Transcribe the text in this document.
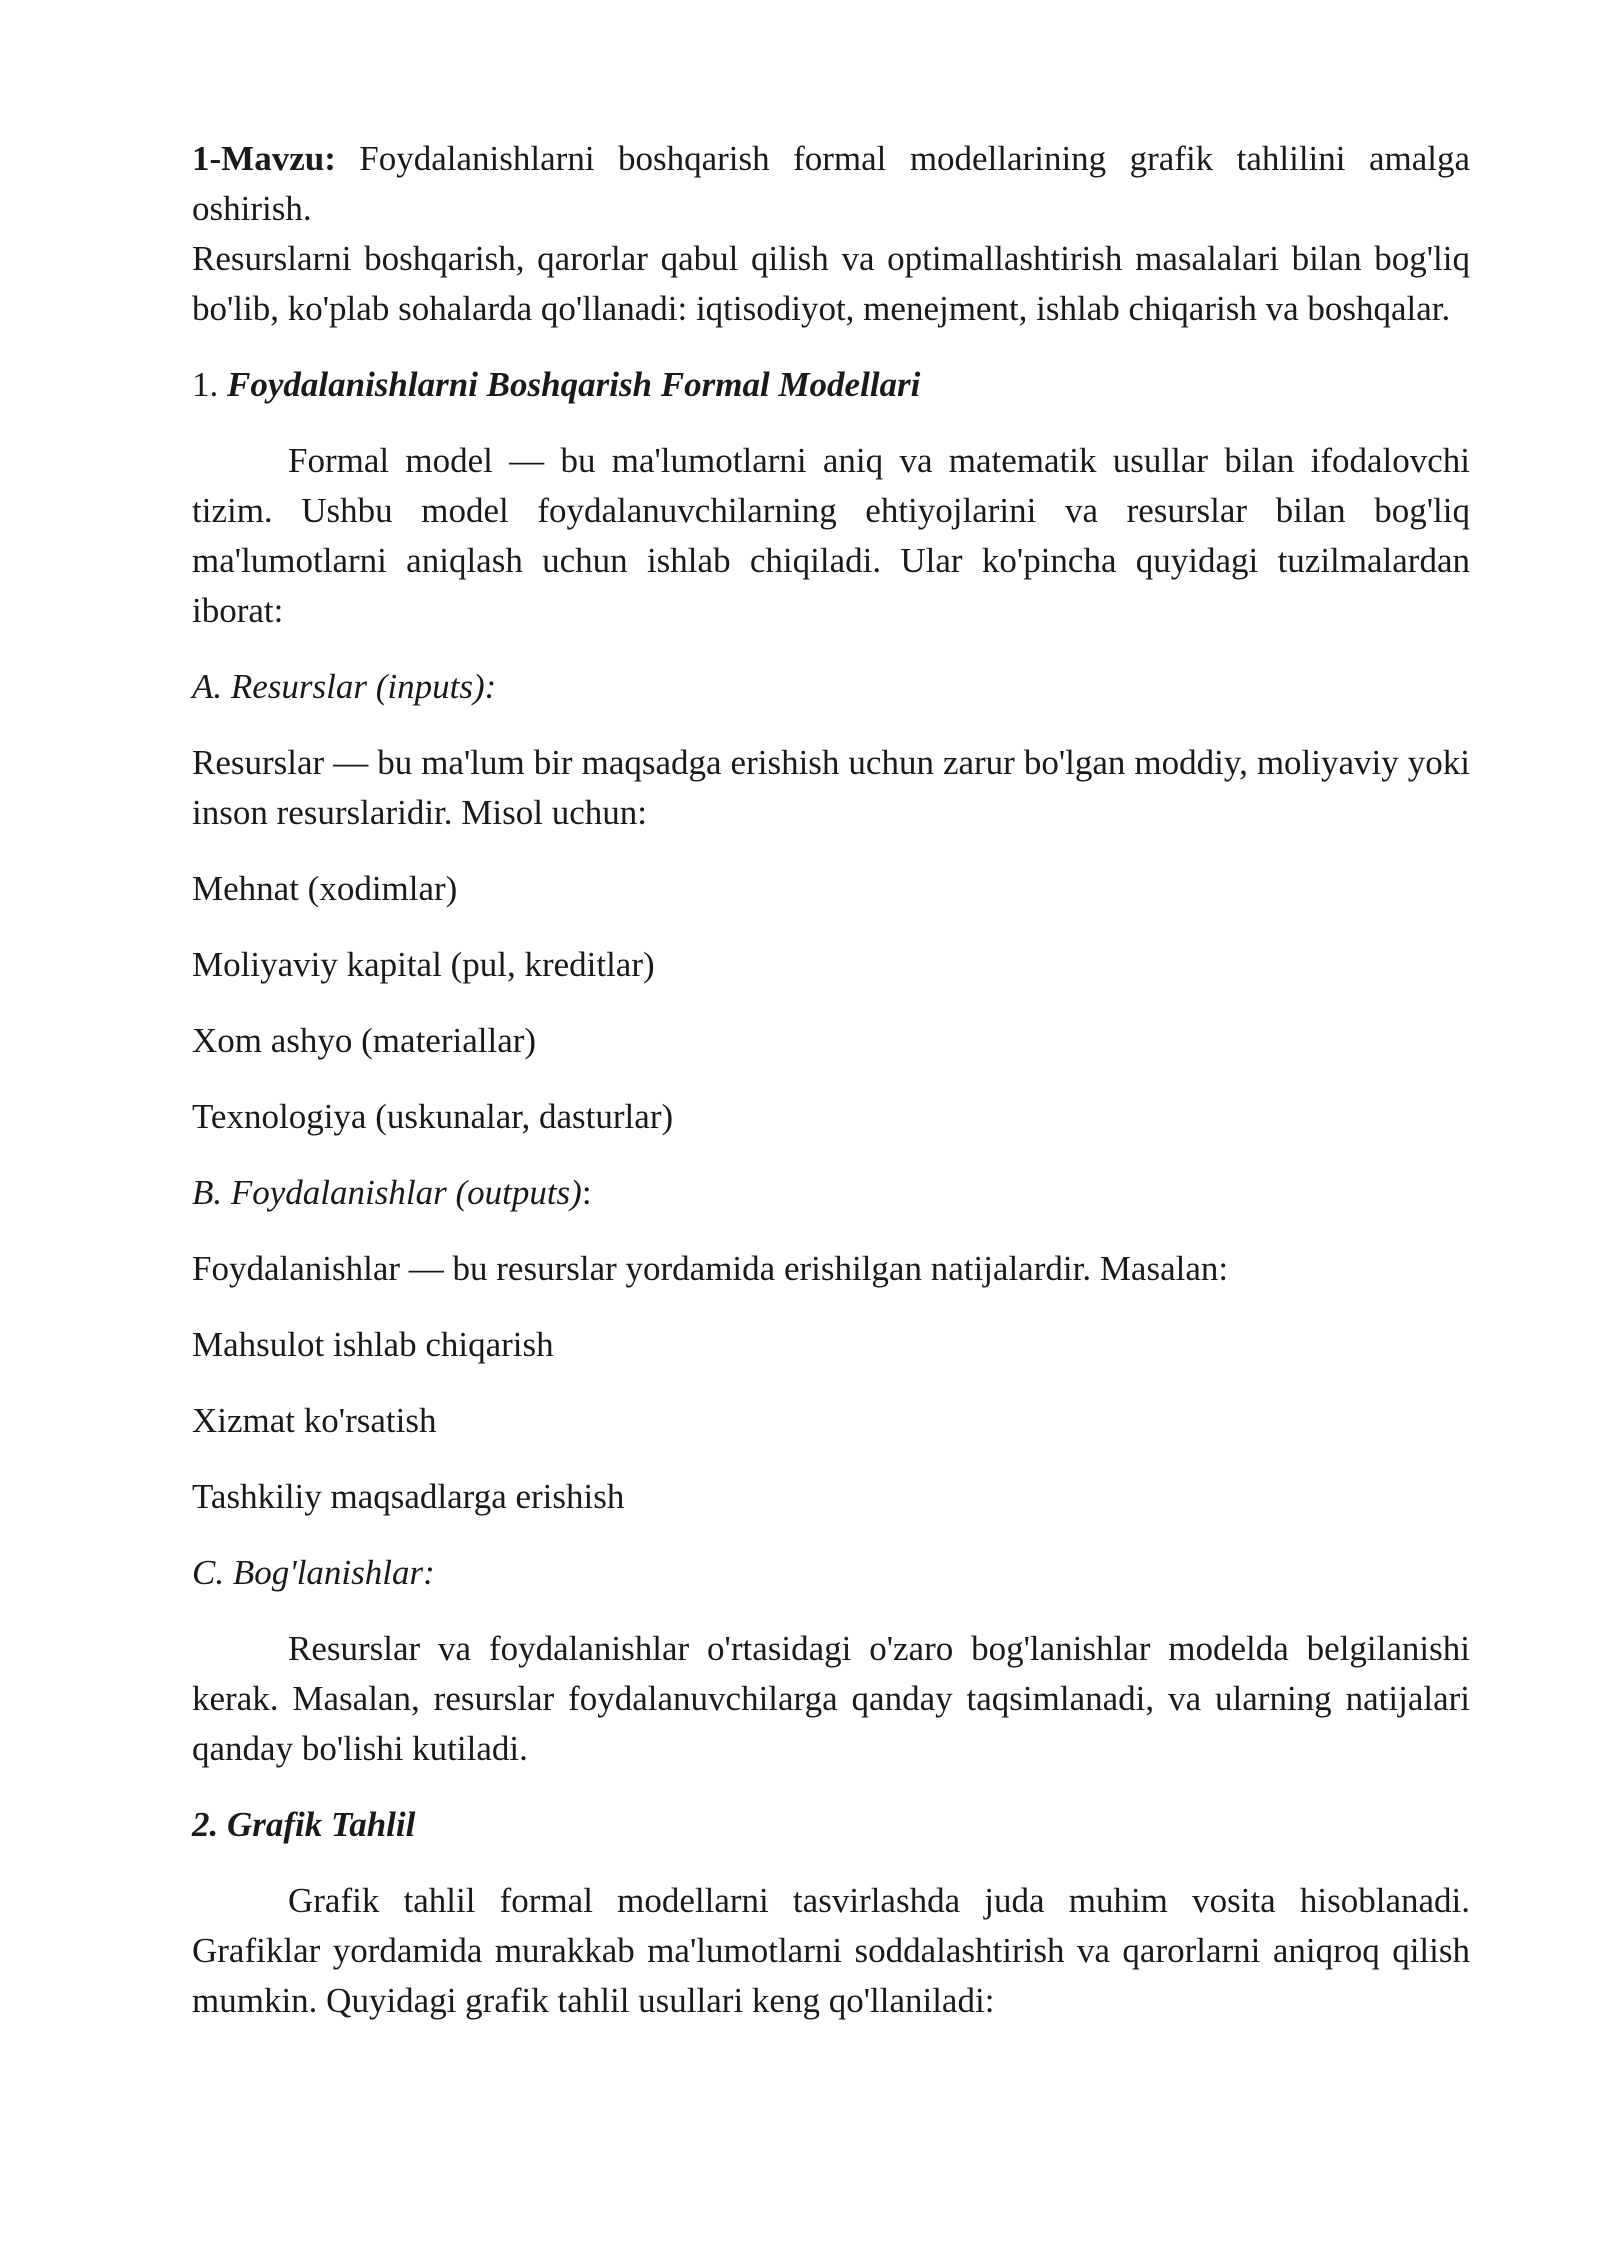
1-Mavzu: Foydalanishlarni boshqarish formal modellarining grafik tahlilini amalga oshirish.

Resurslarni boshqarish, qarorlar qabul qilish va optimallashtirish masalalari bilan bog'liq bo'lib, ko'plab sohalarda qo'llanadi: iqtisodiyot, menejment, ishlab chiqarish va boshqalar.

1. Foydalanishlarni Boshqarish Formal Modellari

Formal model — bu ma'lumotlarni aniq va matematik usullar bilan ifodalovchi tizim. Ushbu model foydalanuvchilarning ehtiyojlarini va resurslar bilan bog'liq ma'lumotlarni aniqlash uchun ishlab chiqiladi. Ular ko'pincha quyidagi tuzilmalardan iborat:

A. Resurslar (inputs):

Resurslar — bu ma'lum bir maqsadga erishish uchun zarur bo'lgan moddiy, moliyaviy yoki inson resurslaridir. Misol uchun:

Mehnat (xodimlar)

Moliyaviy kapital (pul, kreditlar)

Xom ashyo (materiallar)

Texnologiya (uskunalar, dasturlar)

B. Foydalanishlar (outputs):

Foydalanishlar — bu resurslar yordamida erishilgan natijalardir. Masalan:

Mahsulot ishlab chiqarish

Xizmat ko'rsatish

Tashkiliy maqsadlarga erishish

C. Bog'lanishlar:

Resurslar va foydalanishlar o'rtasidagi o'zaro bog'lanishlar modelda belgilanishi kerak. Masalan, resurslar foydalanuvchilarga qanday taqsimlanadi, va ularning natijalari qanday bo'lishi kutiladi.

2. Grafik Tahlil

Grafik tahlil formal modellarni tasvirlashda juda muhim vosita hisoblanadi. Grafiklar yordamida murakkab ma'lumotlarni soddalashtirish va qarorlarni aniqroq qilish mumkin. Quyidagi grafik tahlil usullari keng qo'llaniladi:
